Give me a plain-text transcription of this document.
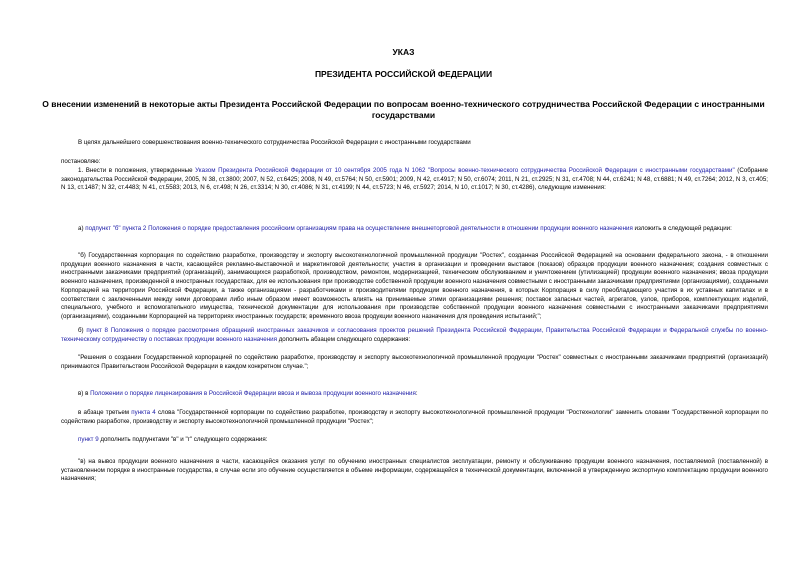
УКАЗ
ПРЕЗИДЕНТА РОССИЙСКОЙ ФЕДЕРАЦИИ
О внесении изменений в некоторые акты Президента Российской Федерации по вопросам военно-технического сотрудничества Российской Федерации с иностранными государствами
В целях дальнейшего совершенствования военно-технического сотрудничества Российской Федерации с иностранными государствами
постановляю:
1. Внести в положения, утвержденные Указом Президента Российской Федерации от 10 сентября 2005 года N 1062 "Вопросы военно-технического сотрудничества Российской Федерации с иностранными государствами" (Собрание законодательства Российской Федерации, 2005, N 38, ст.3800; 2007, N 52, ст.6425; 2008, N 49, ст.5764; N 50, ст.5901; 2009, N 42, ст.4917; N 50, ст.6074; 2011, N 21, ст.2925; N 31, ст.4708; N 44, ст.6241; N 48, ст.6881; N 49, ст.7264; 2012, N 3, ст.405; N 13, ст.1487; N 32, ст.4483; N 41, ст.5583; 2013, N 6, ст.498; N 26, ст.3314; N 30, ст.4086; N 31, ст.4199; N 44, ст.5723; N 46, ст.5927; 2014, N 10, ст.1017; N 30, ст.4286), следующие изменения:
а) подпункт "б" пункта 2 Положения о порядке предоставления российским организациям права на осуществление внешнеторговой деятельности в отношении продукции военного назначения изложить в следующей редакции:
"б) Государственная корпорация по содействию разработке, производству и экспорту высокотехнологичной промышленной продукции "Ростех", созданная Российской Федерацией на основании федерального закона, - в отношении продукции военного назначения в части, касающейся рекламно-выставочной и маркетинговой деятельности; участия в организации и проведении выставок (показов) образцов продукции военного назначения; создания совместных с иностранными заказчиками предприятий (организаций), занимающихся разработкой, производством, ремонтом, модернизацией, техническим обслуживанием и уничтожением (утилизацией) продукции военного назначения; ввоза продукции военного назначения, произведенной в иностранных государствах, для ее использования при производстве собственной продукции военного назначения совместными с иностранными заказчиками предприятиями (организациями), созданными Корпорацией на территории Российской Федерации, а также организациями - разработчиками и производителями продукции военного назначения, в которых Корпорация в силу преобладающего участия в их уставных капиталах и в соответствии с заключенными между ними договорами либо иным образом имеет возможность влиять на принимаемые этими организациями решения; поставок запасных частей, агрегатов, узлов, приборов, комплектующих изделий, специального, учебного и вспомогательного имущества, технической документации для использования при производстве собственной продукции военного назначения совместными с иностранными заказчиками предприятиями (организациями), созданными Корпорацией на территориях иностранных государств; временного ввоза продукции военного назначения для проведения испытаний;";
б) пункт 8 Положения о порядке рассмотрения обращений иностранных заказчиков и согласования проектов решений Президента Российской Федерации, Правительства Российской Федерации и Федеральной службы по военно-техническому сотрудничеству о поставках продукции военного назначения дополнить абзацем следующего содержания:
"Решения о создании Государственной корпорацией по содействию разработке, производству и экспорту высокотехнологичной промышленной продукции "Ростех" совместных с иностранными заказчиками предприятий (организаций) принимаются Правительством Российской Федерации в каждом конкретном случае.";
в) в Положении о порядке лицензирования в Российской Федерации ввоза и вывоза продукции военного назначения:
в абзаце третьем пункта 4 слова "Государственной корпорации по содействию разработке, производству и экспорту высокотехнологичной промышленной продукции "Ростехнологии" заменить словами "Государственной корпорации по содействию разработке, производству и экспорту высокотехнологичной промышленной продукции "Ростех";
пункт 9 дополнить подпунктами "в" и "г" следующего содержания:
"в) на вывоз продукции военного назначения в части, касающейся оказания услуг по обучению иностранных специалистов эксплуатации, ремонту и обслуживанию продукции военного назначения, поставляемой (поставленной) в установленном порядке в иностранные государства, в случае если это обучение осуществляется в объеме информации, содержащейся в технической документации, включенной в утвержденную экспортную комплектацию продукции военного назначения;
